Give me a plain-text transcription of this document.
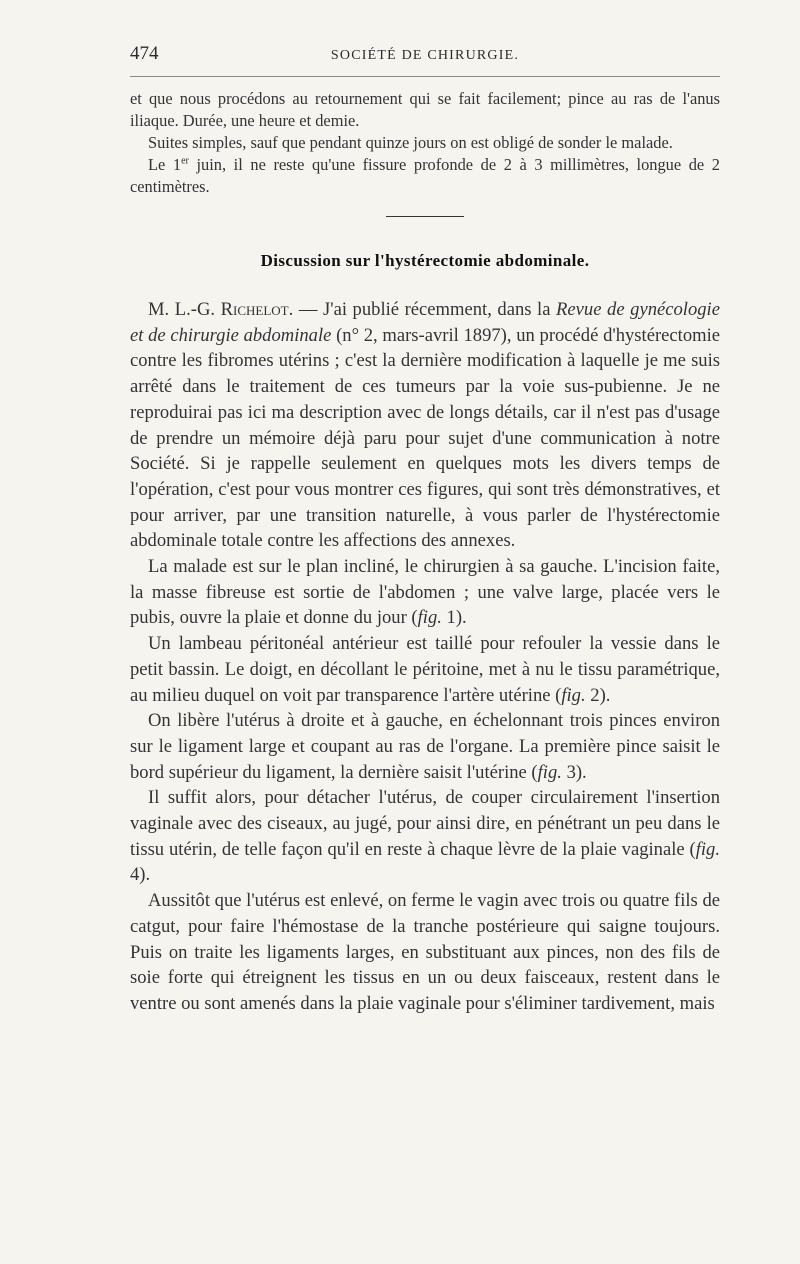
474	SOCIÉTÉ DE CHIRURGIE.

et que nous procédons au retournement qui se fait facilement; pince au ras de l'anus iliaque. Durée, une heure et demie.

Suites simples, sauf que pendant quinze jours on est obligé de sonder le malade.

Le 1er juin, il ne reste qu'une fissure profonde de 2 à 3 millimètres, longue de 2 centimètres.

Discussion sur l'hystérectomie abdominale.

M. L.-G. Richelot. — J'ai publié récemment, dans la Revue de gynécologie et de chirurgie abdominale (n° 2, mars-avril 1897), un procédé d'hystérectomie contre les fibromes utérins ; c'est la dernière modification à laquelle je me suis arrêté dans le traitement de ces tumeurs par la voie sus-pubienne. Je ne reproduirai pas ici ma description avec de longs détails, car il n'est pas d'usage de prendre un mémoire déjà paru pour sujet d'une communication à notre Société. Si je rappelle seulement en quelques mots les divers temps de l'opération, c'est pour vous montrer ces figures, qui sont très démonstratives, et pour arriver, par une transition naturelle, à vous parler de l'hystérectomie abdominale totale contre les affections des annexes.

La malade est sur le plan incliné, le chirurgien à sa gauche. L'incision faite, la masse fibreuse est sortie de l'abdomen ; une valve large, placée vers le pubis, ouvre la plaie et donne du jour (fig. 1).

Un lambeau péritonéal antérieur est taillé pour refouler la vessie dans le petit bassin. Le doigt, en décollant le péritoine, met à nu le tissu paramétrique, au milieu duquel on voit par transparence l'artère utérine (fig. 2).

On libère l'utérus à droite et à gauche, en échelonnant trois pinces environ sur le ligament large et coupant au ras de l'organe. La première pince saisit le bord supérieur du ligament, la dernière saisit l'utérine (fig. 3).

Il suffit alors, pour détacher l'utérus, de couper circulairement l'insertion vaginale avec des ciseaux, au jugé, pour ainsi dire, en pénétrant un peu dans le tissu utérin, de telle façon qu'il en reste à chaque lèvre de la plaie vaginale (fig. 4).

Aussitôt que l'utérus est enlevé, on ferme le vagin avec trois ou quatre fils de catgut, pour faire l'hémostase de la tranche postérieure qui saigne toujours. Puis on traite les ligaments larges, en substituant aux pinces, non des fils de soie forte qui étreignent les tissus en un ou deux faisceaux, restent dans le ventre ou sont amenés dans la plaie vaginale pour s'éliminer tardivement, mais
